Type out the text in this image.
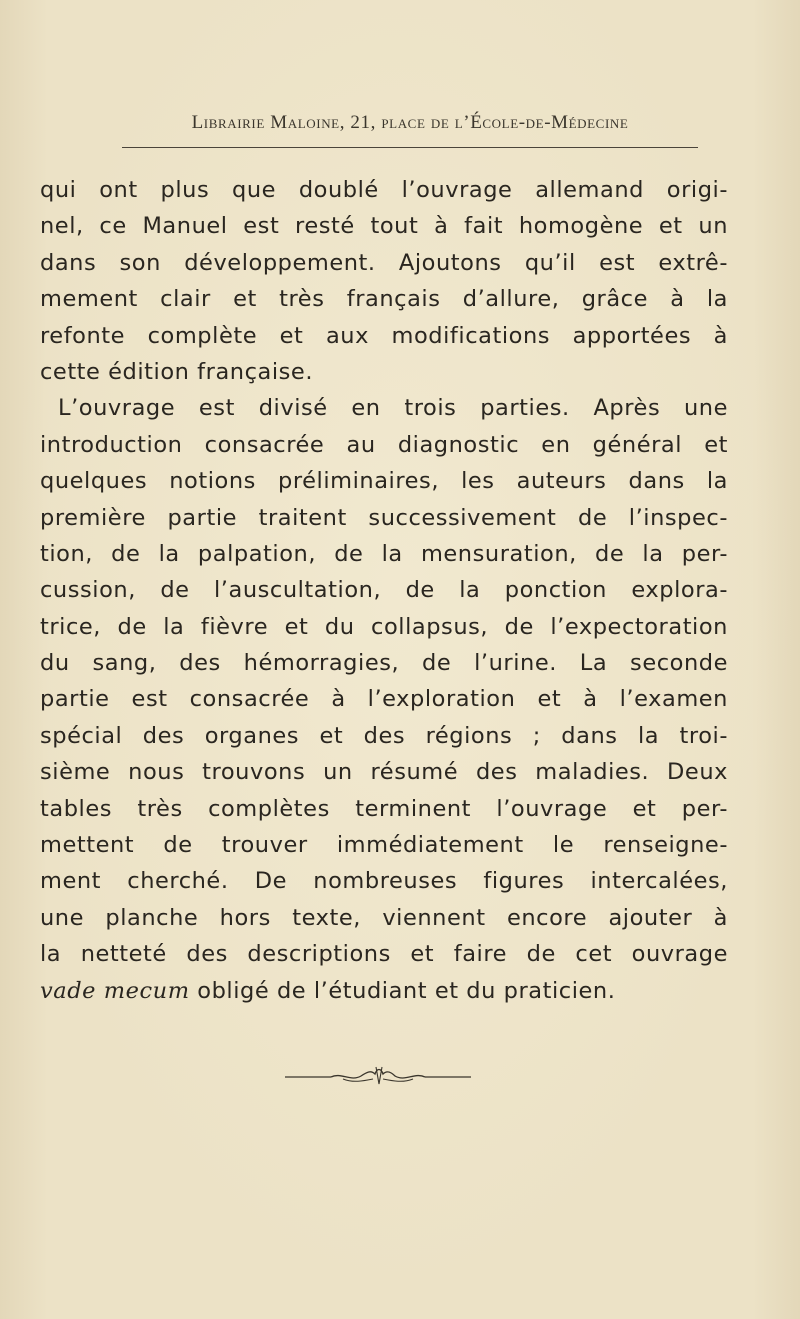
Librairie Maloine, 21, place de l’École-de-Médecine
qui ont plus que doublé l’ouvrage allemand origi-
nel, ce Manuel est resté tout à fait homogène et un
dans son développement. Ajoutons qu’il est extrê-
mement clair et très français d’allure, grâce à la
refonte complète et aux modifications apportées à
cette édition française.
L’ouvrage est divisé en trois parties. Après une
introduction consacrée au diagnostic en général et
quelques notions préliminaires, les auteurs dans la
première partie traitent successivement de l’inspec-
tion, de la palpation, de la mensuration, de la per-
cussion, de l’auscultation, de la ponction explora-
trice, de la fièvre et du collapsus, de l’expectoration
du sang, des hémorragies, de l’urine. La seconde
partie est consacrée à l’exploration et à l’examen
spécial des organes et des régions ; dans la troi-
sième nous trouvons un résumé des maladies. Deux
tables très complètes terminent l’ouvrage et per-
mettent de trouver immédiatement le renseigne-
ment cherché. De nombreuses figures intercalées,
une planche hors texte, viennent encore ajouter à
la netteté des descriptions et faire de cet ouvrage
vade mecum obligé de l’étudiant et du praticien.
